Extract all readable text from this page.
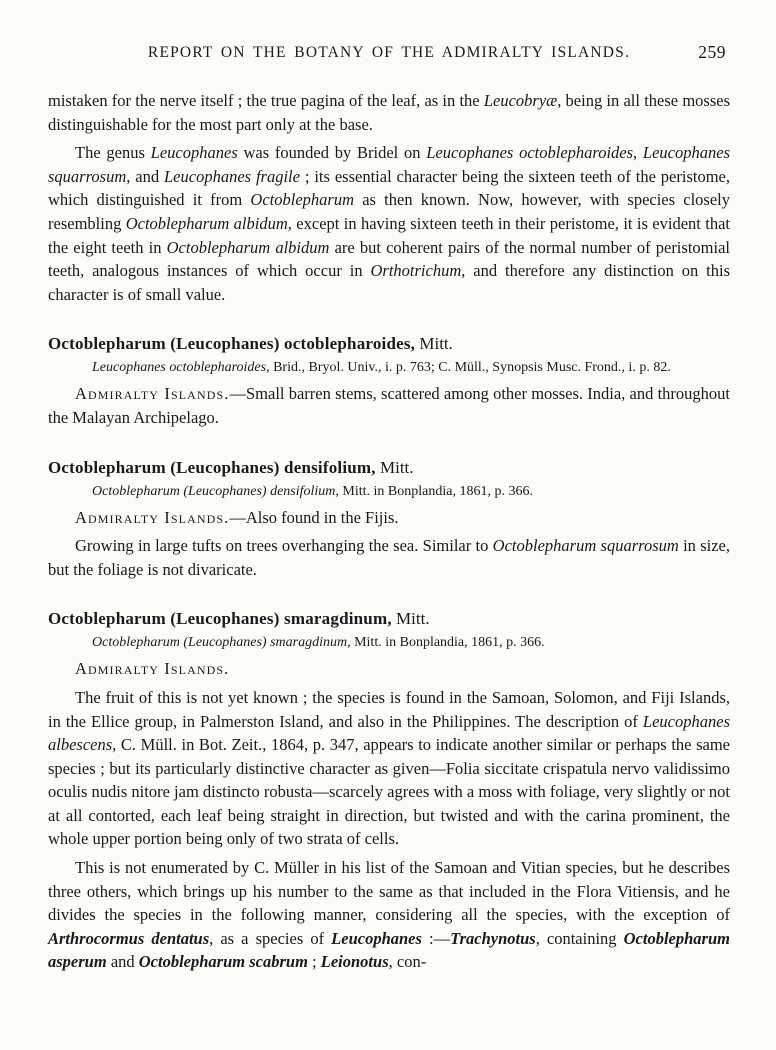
REPORT ON THE BOTANY OF THE ADMIRALTY ISLANDS.	259

mistaken for the nerve itself ; the true pagina of the leaf, as in the Leucobryæ, being in all these mosses distinguishable for the most part only at the base.

The genus Leucophanes was founded by Bridel on Leucophanes octoblepharoides, Leucophanes squarrosum, and Leucophanes fragile ; its essential character being the sixteen teeth of the peristome, which distinguished it from Octoblepharum as then known. Now, however, with species closely resembling Octoblepharum albidum, except in having sixteen teeth in their peristome, it is evident that the eight teeth in Octoblepharum albidum are but coherent pairs of the normal number of peristomial teeth, analogous instances of which occur in Orthotrichum, and therefore any distinction on this character is of small value.

Octoblepharum (Leucophanes) octoblepharoides, Mitt.

Leucophanes octoblepharoides, Brid., Bryol. Univ., i. p. 763; C. Müll., Synopsis Musc. Frond., i. p. 82.

Admiralty Islands.—Small barren stems, scattered among other mosses. India, and throughout the Malayan Archipelago.

Octoblepharum (Leucophanes) densifolium, Mitt.

Octoblepharum (Leucophanes) densifolium, Mitt. in Bonplandia, 1861, p. 366.

Admiralty Islands.—Also found in the Fijis.

Growing in large tufts on trees overhanging the sea. Similar to Octoblepharum squarrosum in size, but the foliage is not divaricate.

Octoblepharum (Leucophanes) smaragdinum, Mitt.

Octoblepharum (Leucophanes) smaragdinum, Mitt. in Bonplandia, 1861, p. 366.

Admiralty Islands.

The fruit of this is not yet known ; the species is found in the Samoan, Solomon, and Fiji Islands, in the Ellice group, in Palmerston Island, and also in the Philippines. The description of Leucophanes albescens, C. Müll. in Bot. Zeit., 1864, p. 347, appears to indicate another similar or perhaps the same species ; but its particularly distinctive character as given—Folia siccitate crispatula nervo validissimo oculis nudis nitore jam distincto robusta—scarcely agrees with a moss with foliage, very slightly or not at all contorted, each leaf being straight in direction, but twisted and with the carina prominent, the whole upper portion being only of two strata of cells.

This is not enumerated by C. Müller in his list of the Samoan and Vitian species, but he describes three others, which brings up his number to the same as that included in the Flora Vitiensis, and he divides the species in the following manner, considering all the species, with the exception of Arthrocormus dentatus, as a species of Leucophanes :—Trachynotus, containing Octoblepharum asperum and Octoblepharum scabrum ; Leionotus, con-
